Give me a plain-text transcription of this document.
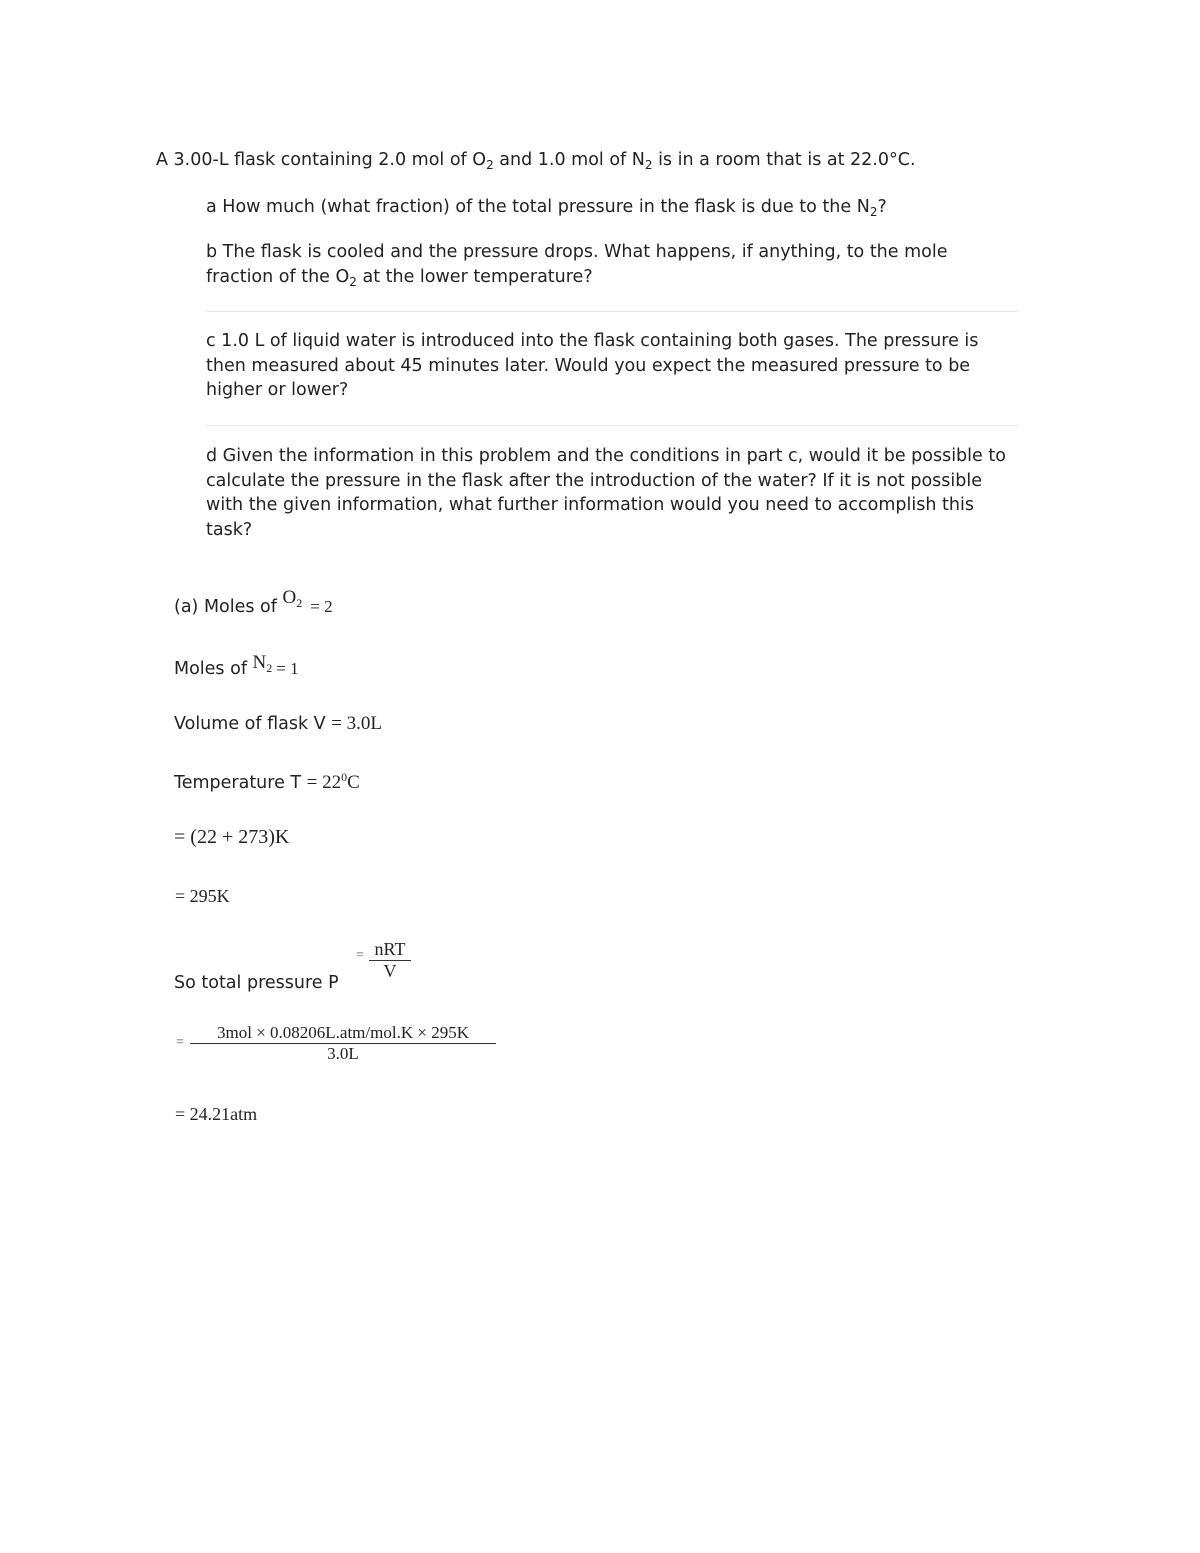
A 3.00-L flask containing 2.0 mol of $O_2$ and 1.0 mol of $N_2$ is in a room that is at 22.0°C.
a How much (what fraction) of the total pressure in the flask is due to the $N_2$?
b The flask is cooled and the pressure drops. What happens, if anything, to the mole
fraction of the $O_2$ at the lower temperature?
c 1.0 L of liquid water is introduced into the flask containing both gases. The pressure is then measured about 45 minutes later. Would you expect the measured pressure to be higher or lower?
d Given the information in this problem and the conditions in part c, would it be possible to calculate the pressure in the flask after the introduction of the water? If it is not possible with the given information, what further information would you need to accomplish this task?
(a) Moles of $O_2 = 2$
Moles of $N_2 = 1$
Volume of flask V = 3.0L
Temperature $T = 22^0C$
= (22 + 273)K
= 295K
So total pressure P
= nRT
V
=
3mol × 0.08206L.atm/mol.K × 295K
3.0L
= 24.21atm
